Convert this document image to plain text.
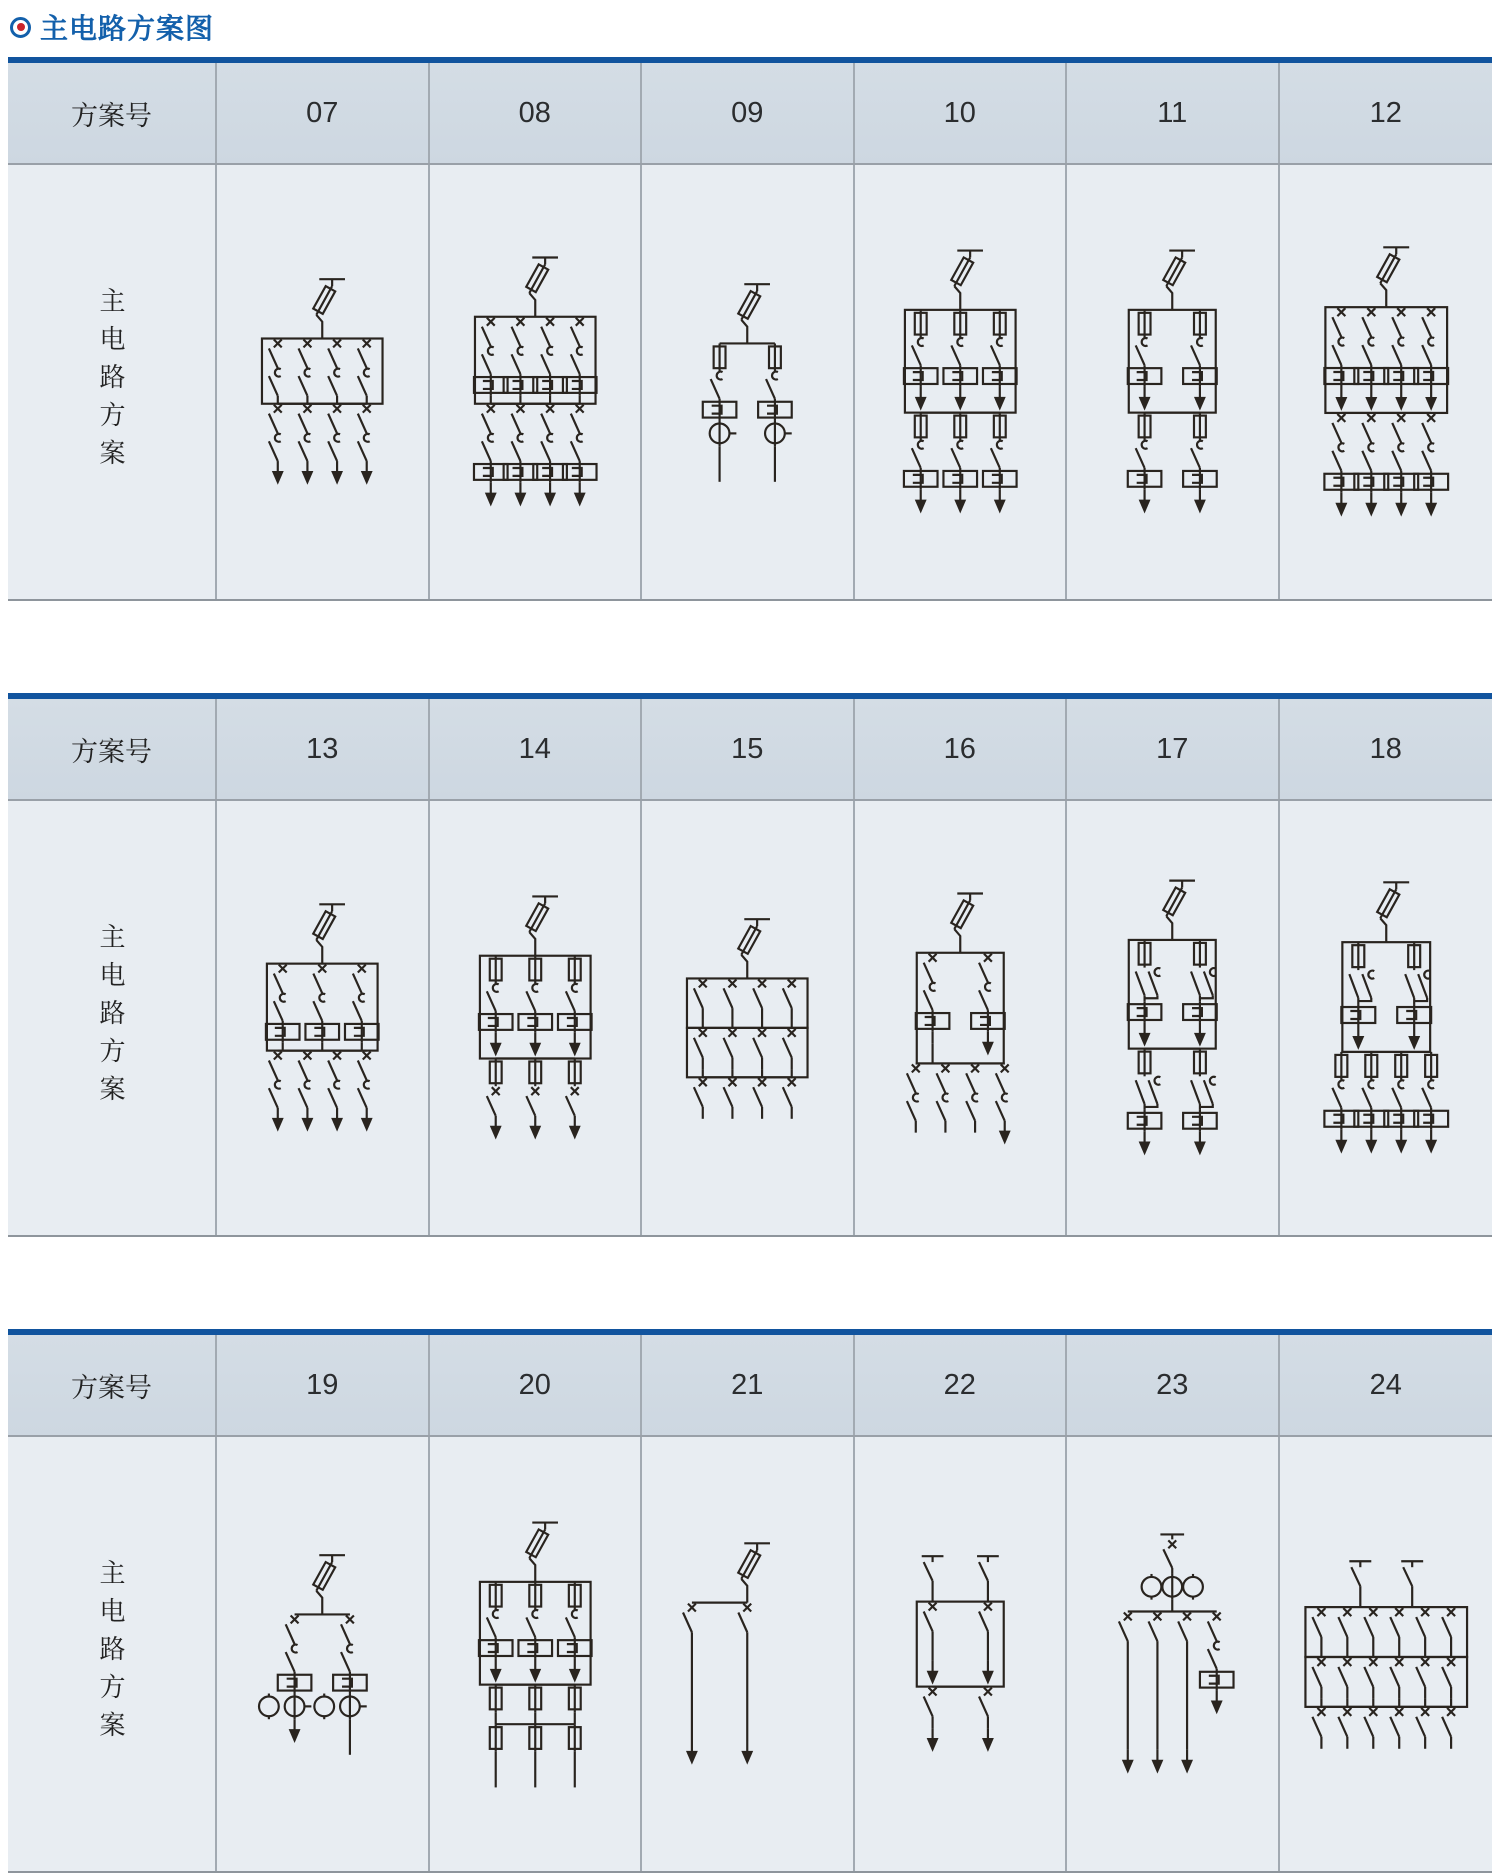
主电路方案图
方案号	07	08	09	10	11	12
主电路方案
方案号	13	14	15	16	17	18
主电路方案
方案号	19	20	21	22	23	24
主电路方案
